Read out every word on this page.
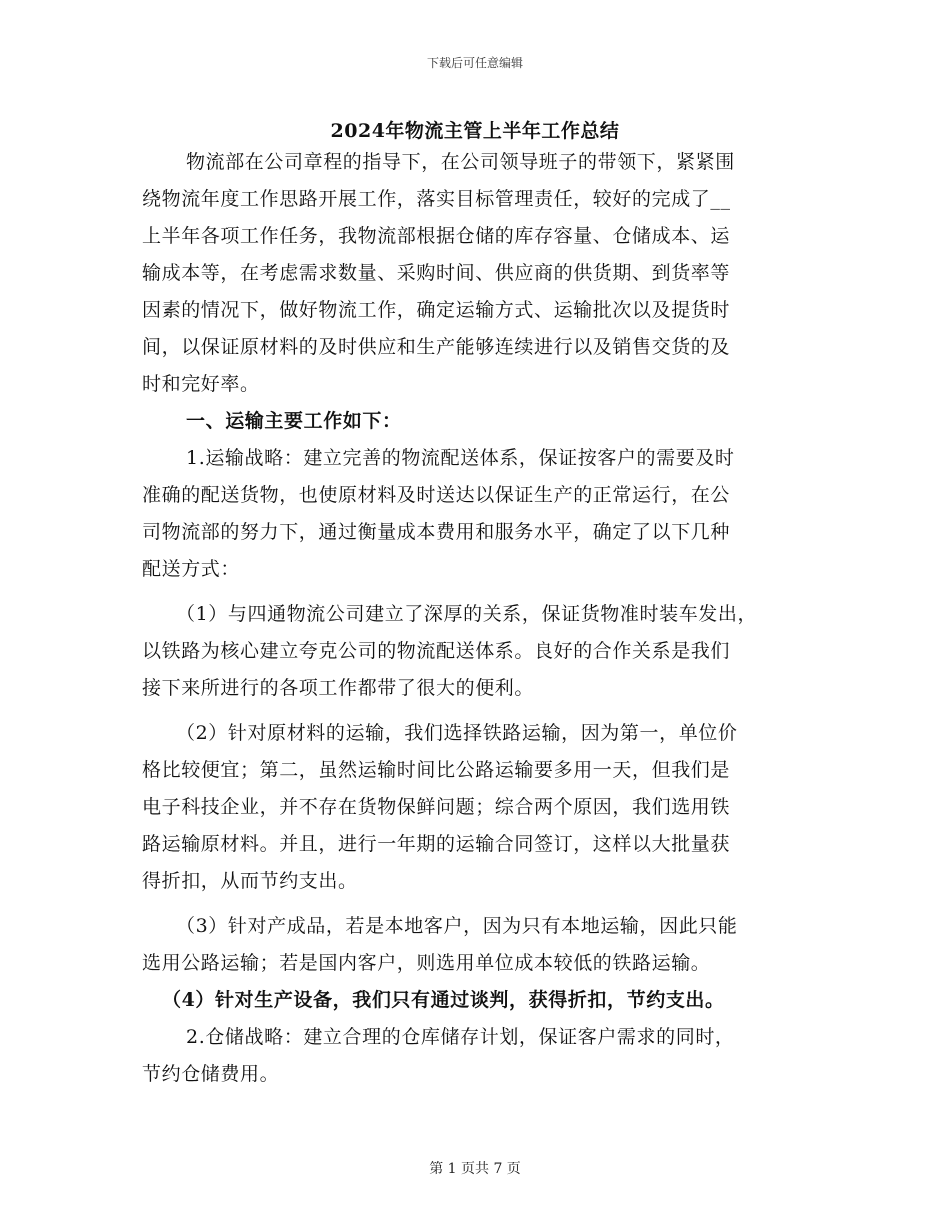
下载后可任意编辑
2024年物流主管上半年工作总结
物流部在公司章程的指导下，在公司领导班子的带领下，紧紧围
绕物流年度工作思路开展工作，落实目标管理责任，较好的完成了__
上半年各项工作任务，我物流部根据仓储的库存容量、仓储成本、运
输成本等，在考虑需求数量、采购时间、供应商的供货期、到货率等
因素的情况下，做好物流工作，确定运输方式、运输批次以及提货时
间，以保证原材料的及时供应和生产能够连续进行以及销售交货的及
时和完好率。
一、运输主要工作如下：
1.运输战略：建立完善的物流配送体系，保证按客户的需要及时
准确的配送货物，也使原材料及时送达以保证生产的正常运行，在公
司物流部的努力下，通过衡量成本费用和服务水平，确定了以下几种
配送方式：
（1）与四通物流公司建立了深厚的关系，保证货物准时装车发出，
以铁路为核心建立夸克公司的物流配送体系。良好的合作关系是我们
接下来所进行的各项工作都带了很大的便利。
（2）针对原材料的运输，我们选择铁路运输，因为第一，单位价
格比较便宜；第二，虽然运输时间比公路运输要多用一天，但我们是
电子科技企业，并不存在货物保鲜问题；综合两个原因，我们选用铁
路运输原材料。并且，进行一年期的运输合同签订，这样以大批量获
得折扣，从而节约支出。
（3）针对产成品，若是本地客户，因为只有本地运输，因此只能
选用公路运输；若是国内客户，则选用单位成本较低的铁路运输。
（4）针对生产设备，我们只有通过谈判，获得折扣，节约支出。
2.仓储战略：建立合理的仓库储存计划，保证客户需求的同时，
节约仓储费用。
第 1 页共 7 页
